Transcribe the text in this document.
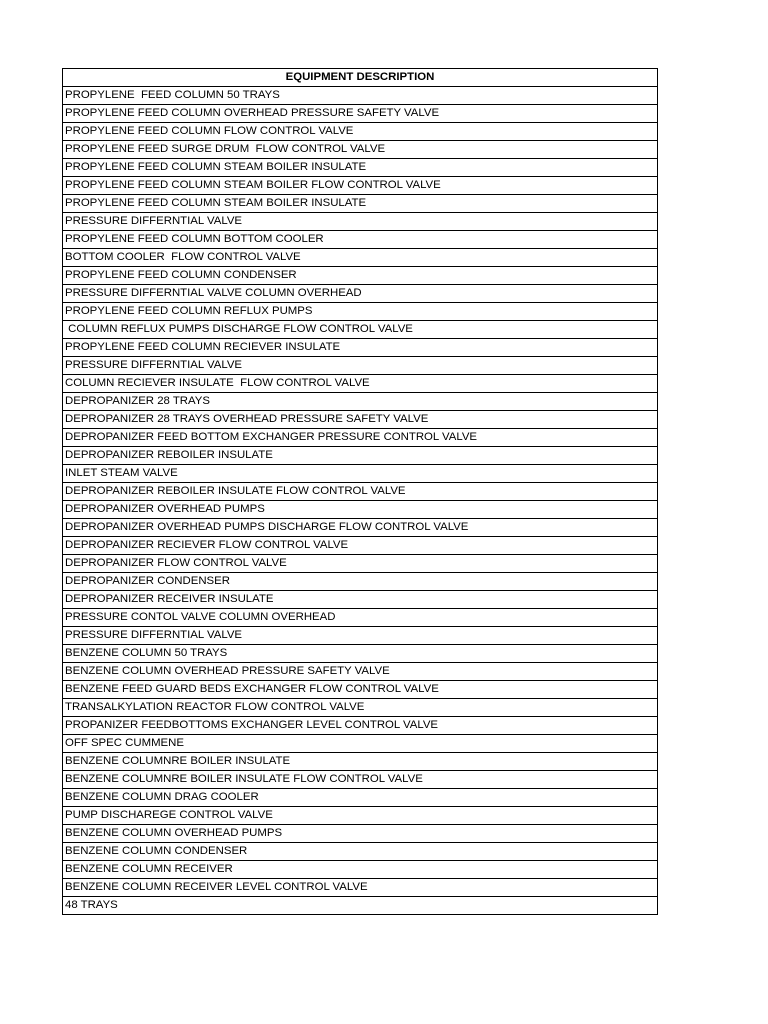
EQUIPMENT DESCRIPTION
PROPYLENE  FEED COLUMN 50 TRAYS
PROPYLENE FEED COLUMN OVERHEAD PRESSURE SAFETY VALVE
PROPYLENE FEED COLUMN FLOW CONTROL VALVE
PROPYLENE FEED SURGE DRUM  FLOW CONTROL VALVE
PROPYLENE FEED COLUMN STEAM BOILER INSULATE
PROPYLENE FEED COLUMN STEAM BOILER FLOW CONTROL VALVE
PROPYLENE FEED COLUMN STEAM BOILER INSULATE
PRESSURE DIFFERNTIAL VALVE
PROPYLENE FEED COLUMN BOTTOM COOLER
BOTTOM COOLER  FLOW CONTROL VALVE
PROPYLENE FEED COLUMN CONDENSER
PRESSURE DIFFERNTIAL VALVE COLUMN OVERHEAD
PROPYLENE FEED COLUMN REFLUX PUMPS
COLUMN REFLUX PUMPS DISCHARGE FLOW CONTROL VALVE
PROPYLENE FEED COLUMN RECIEVER INSULATE
PRESSURE DIFFERNTIAL VALVE
COLUMN RECIEVER INSULATE  FLOW CONTROL VALVE
DEPROPANIZER 28 TRAYS
DEPROPANIZER 28 TRAYS OVERHEAD PRESSURE SAFETY VALVE
DEPROPANIZER FEED BOTTOM EXCHANGER PRESSURE CONTROL VALVE
DEPROPANIZER REBOILER INSULATE
INLET STEAM VALVE
DEPROPANIZER REBOILER INSULATE FLOW CONTROL VALVE
DEPROPANIZER OVERHEAD PUMPS
DEPROPANIZER OVERHEAD PUMPS DISCHARGE FLOW CONTROL VALVE
DEPROPANIZER RECIEVER FLOW CONTROL VALVE
DEPROPANIZER FLOW CONTROL VALVE
DEPROPANIZER CONDENSER
DEPROPANIZER RECEIVER INSULATE
PRESSURE CONTOL VALVE COLUMN OVERHEAD
PRESSURE DIFFERNTIAL VALVE
BENZENE COLUMN 50 TRAYS
BENZENE COLUMN OVERHEAD PRESSURE SAFETY VALVE
BENZENE FEED GUARD BEDS EXCHANGER FLOW CONTROL VALVE
TRANSALKYLATION REACTOR FLOW CONTROL VALVE
PROPANIZER FEEDBOTTOMS EXCHANGER LEVEL CONTROL VALVE
OFF SPEC CUMMENE
BENZENE COLUMNRE BOILER INSULATE
BENZENE COLUMNRE BOILER INSULATE FLOW CONTROL VALVE
BENZENE COLUMN DRAG COOLER
PUMP DISCHAREGE CONTROL VALVE
BENZENE COLUMN OVERHEAD PUMPS
BENZENE COLUMN CONDENSER
BENZENE COLUMN RECEIVER
BENZENE COLUMN RECEIVER LEVEL CONTROL VALVE
48 TRAYS
